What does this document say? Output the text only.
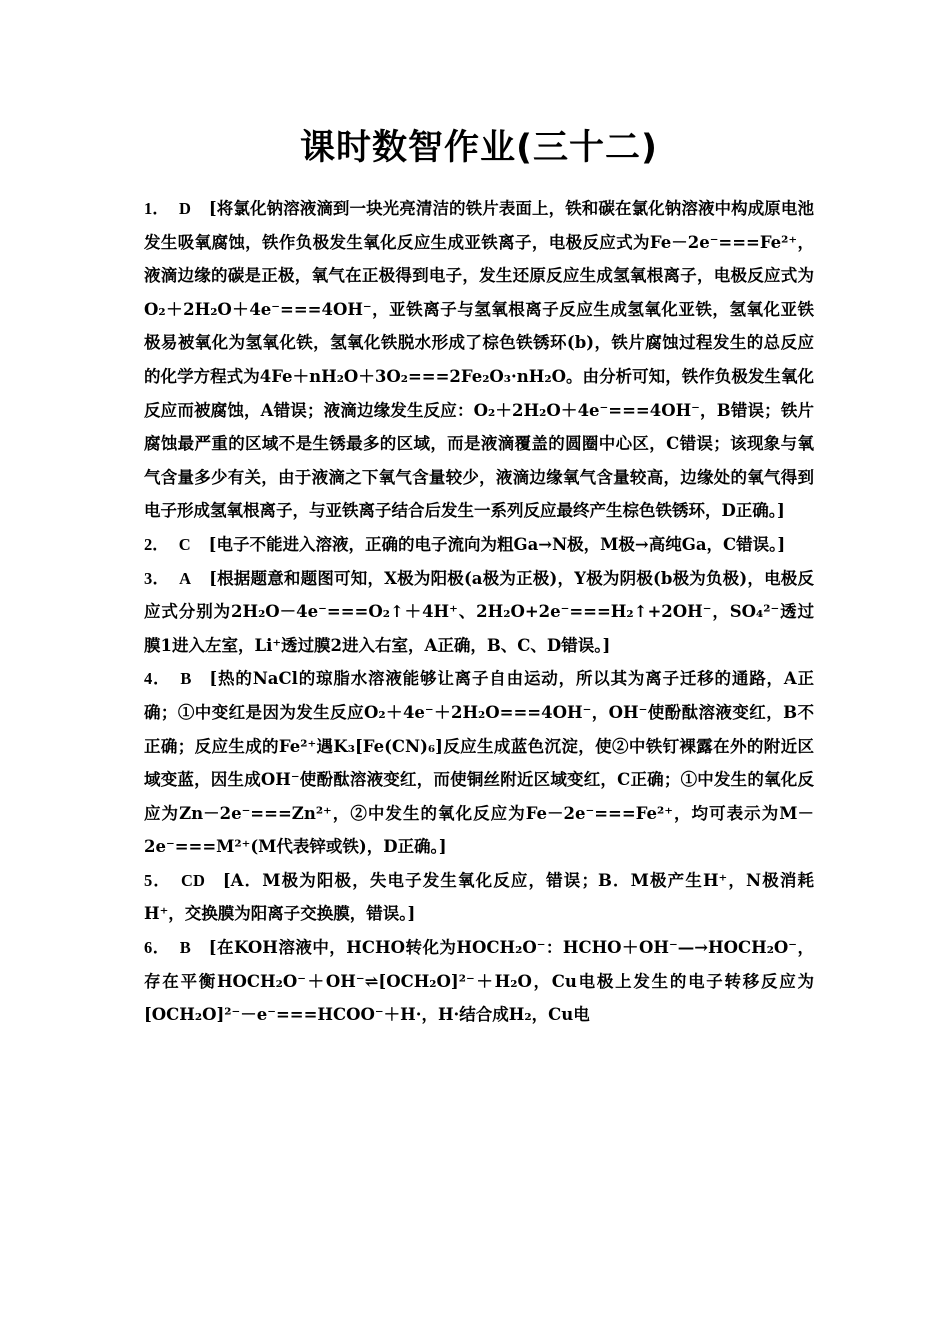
课时数智作业(三十二)

1． D [将氯化钠溶液滴到一块光亮清洁的铁片表面上，铁和碳在氯化钠溶液中构成原电池发生吸氧腐蚀，铁作负极发生氧化反应生成亚铁离子，电极反应式为Fe－2e⁻===Fe²⁺，液滴边缘的碳是正极，氧气在正极得到电子，发生还原反应生成氢氧根离子，电极反应式为O₂＋2H₂O＋4e⁻===4OH⁻，亚铁离子与氢氧根离子反应生成氢氧化亚铁，氢氧化亚铁极易被氧化为氢氧化铁，氢氧化铁脱水形成了棕色铁锈环(b)，铁片腐蚀过程发生的总反应的化学方程式为4Fe＋nH₂O＋3O₂===2Fe₂O₃·nH₂O。由分析可知，铁作负极发生氧化反应而被腐蚀，A错误；液滴边缘发生反应：O₂＋2H₂O＋4e⁻===4OH⁻，B错误；铁片腐蚀最严重的区域不是生锈最多的区域，而是液滴覆盖的圆圈中心区，C错误；该现象与氧气含量多少有关，由于液滴之下氧气含量较少，液滴边缘氧气含量较高，边缘处的氧气得到电子形成氢氧根离子，与亚铁离子结合后发生一系列反应最终产生棕色铁锈环，D正确。]

2． C [电子不能进入溶液，正确的电子流向为粗Ga→N极，M极→高纯Ga，C错误。]

3． A [根据题意和题图可知，X极为阳极(a极为正极)，Y极为阴极(b极为负极)，电极反应式分别为2H₂O－4e⁻===O₂↑＋4H⁺、2H₂O+2e⁻===H₂↑+2OH⁻，SO₄²⁻透过膜1进入左室，Li⁺透过膜2进入右室，A正确，B、C、D错误。]

4． B [热的NaCl的琼脂水溶液能够让离子自由运动，所以其为离子迁移的通路，A正确；①中变红是因为发生反应O₂＋4e⁻＋2H₂O===4OH⁻，OH⁻使酚酞溶液变红，B不正确；反应生成的Fe²⁺遇K₃[Fe(CN)₆]反应生成蓝色沉淀，使②中铁钉裸露在外的附近区域变蓝，因生成OH⁻使酚酞溶液变红，而使铜丝附近区域变红，C正确；①中发生的氧化反应为Zn－2e⁻===Zn²⁺，②中发生的氧化反应为Fe－2e⁻===Fe²⁺，均可表示为M－2e⁻===M²⁺(M代表锌或铁)，D正确。]

5． CD [A．M极为阳极，失电子发生氧化反应，错误；B．M极产生H⁺，N极消耗H⁺，交换膜为阳离子交换膜，错误。]

6． B [在KOH溶液中，HCHO转化为HOCH₂O⁻：HCHO＋OH⁻—→HOCH₂O⁻，存在平衡HOCH₂O⁻＋OH⁻⇌[OCH₂O]²⁻＋H₂O，Cu电极上发生的电子转移反应为[OCH₂O]²⁻－e⁻===HCOO⁻＋H·，H·结合成H₂，Cu电
